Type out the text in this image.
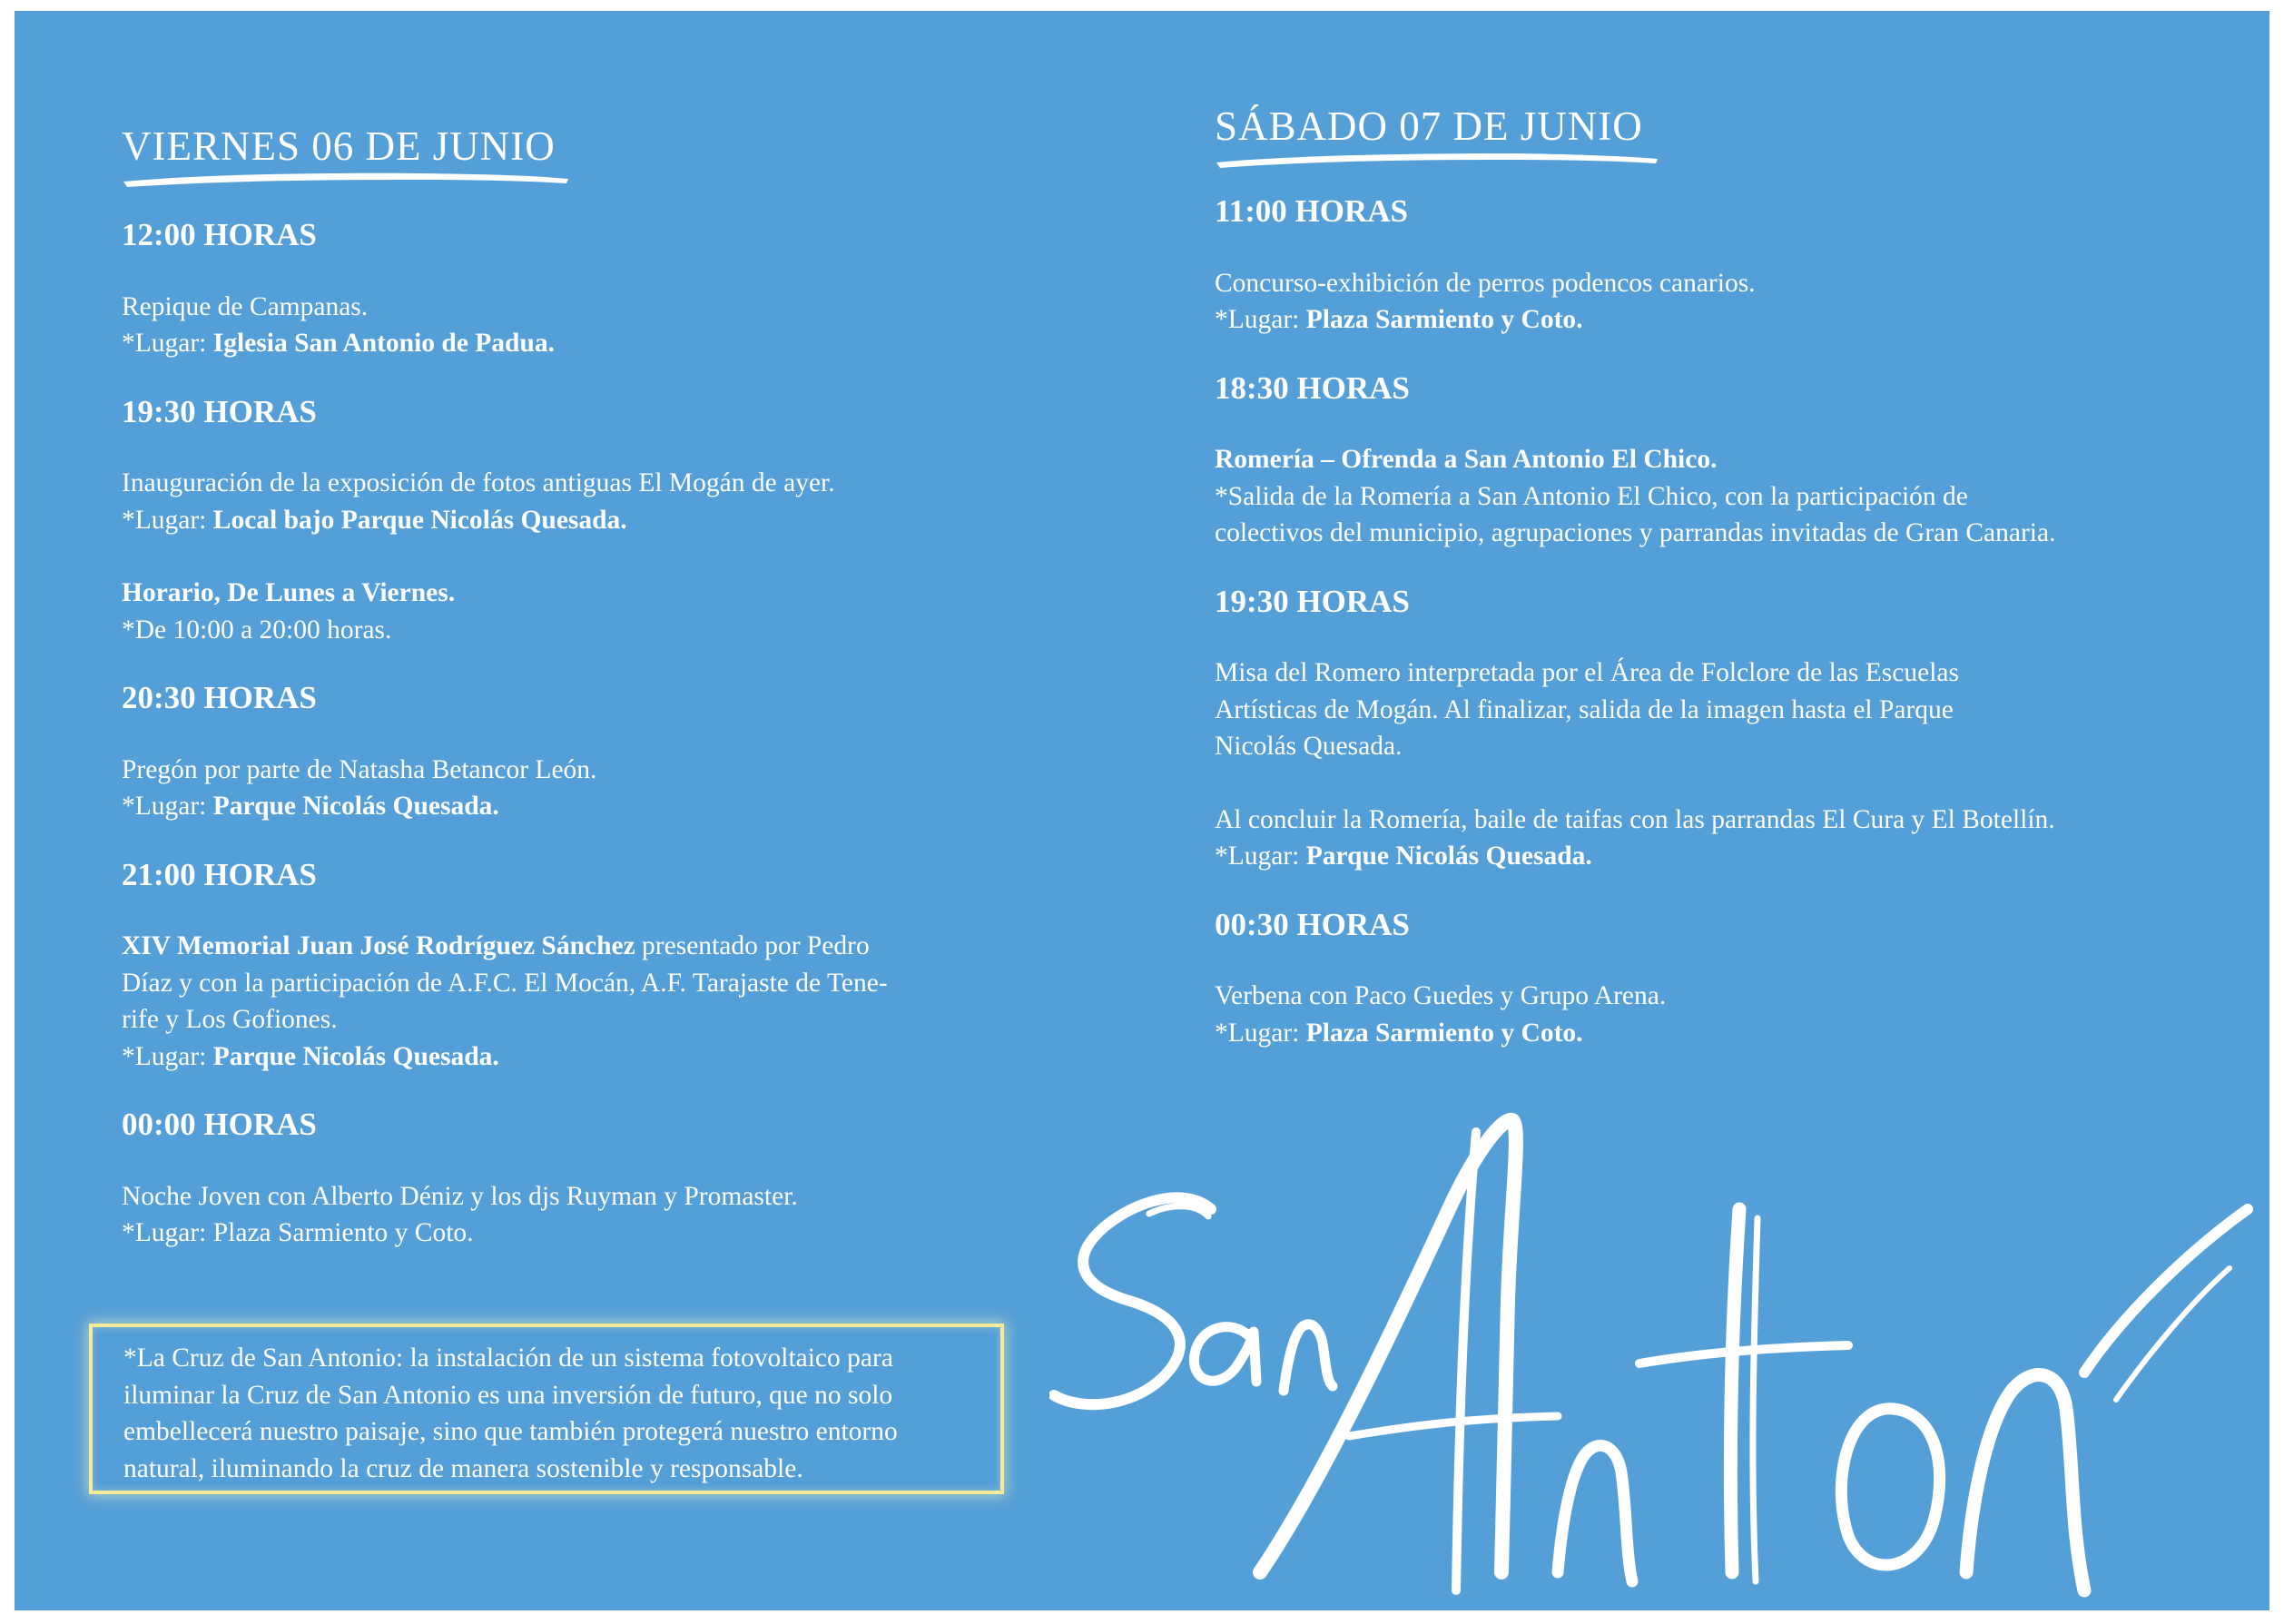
VIERNES 06 DE JUNIO

12:00 HORAS

Repique de Campanas.

*Lugar: Iglesia San Antonio de Padua.

19:30 HORAS

Inauguración de la exposición de fotos antiguas El Mogán de ayer.

*Lugar: Local bajo Parque Nicolás Quesada.

Horario, De Lunes a Viernes.

*De 10:00 a 20:00 horas.

20:30 HORAS

Pregón por parte de Natasha Betancor León.

*Lugar: Parque Nicolás Quesada.

21:00 HORAS

XIV Memorial Juan José Rodríguez Sánchez presentado por Pedro

Díaz y con la participación de A.F.C. El Mocán, A.F. Tarajaste de Tene-

rife y Los Gofiones.

*Lugar: Parque Nicolás Quesada.

00:00 HORAS

Noche Joven con Alberto Déniz y los djs Ruyman y Promaster.

*Lugar: Plaza Sarmiento y Coto.

SÁBADO 07 DE JUNIO

11:00 HORAS

Concurso-exhibición de perros podencos canarios.

*Lugar: Plaza Sarmiento y Coto.

18:30 HORAS

Romería – Ofrenda a San Antonio El Chico.

*Salida de la Romería a San Antonio El Chico, con la participación de

colectivos del municipio, agrupaciones y parrandas invitadas de Gran Canaria.

19:30 HORAS

Misa del Romero interpretada por el Área de Folclore de las Escuelas

Artísticas de Mogán. Al finalizar, salida de la imagen hasta el Parque

Nicolás Quesada.

Al concluir la Romería, baile de taifas con las parrandas El Cura y El Botellín.

*Lugar: Parque Nicolás Quesada.

00:30 HORAS

Verbena con Paco Guedes y Grupo Arena.

*Lugar: Plaza Sarmiento y Coto.

*La Cruz de San Antonio: la instalación de un sistema fotovoltaico para
iluminar la Cruz de San Antonio es una inversión de futuro, que no solo
embellecerá nuestro paisaje, sino que también protegerá nuestro entorno
natural, iluminando la cruz de manera sostenible y responsable.
